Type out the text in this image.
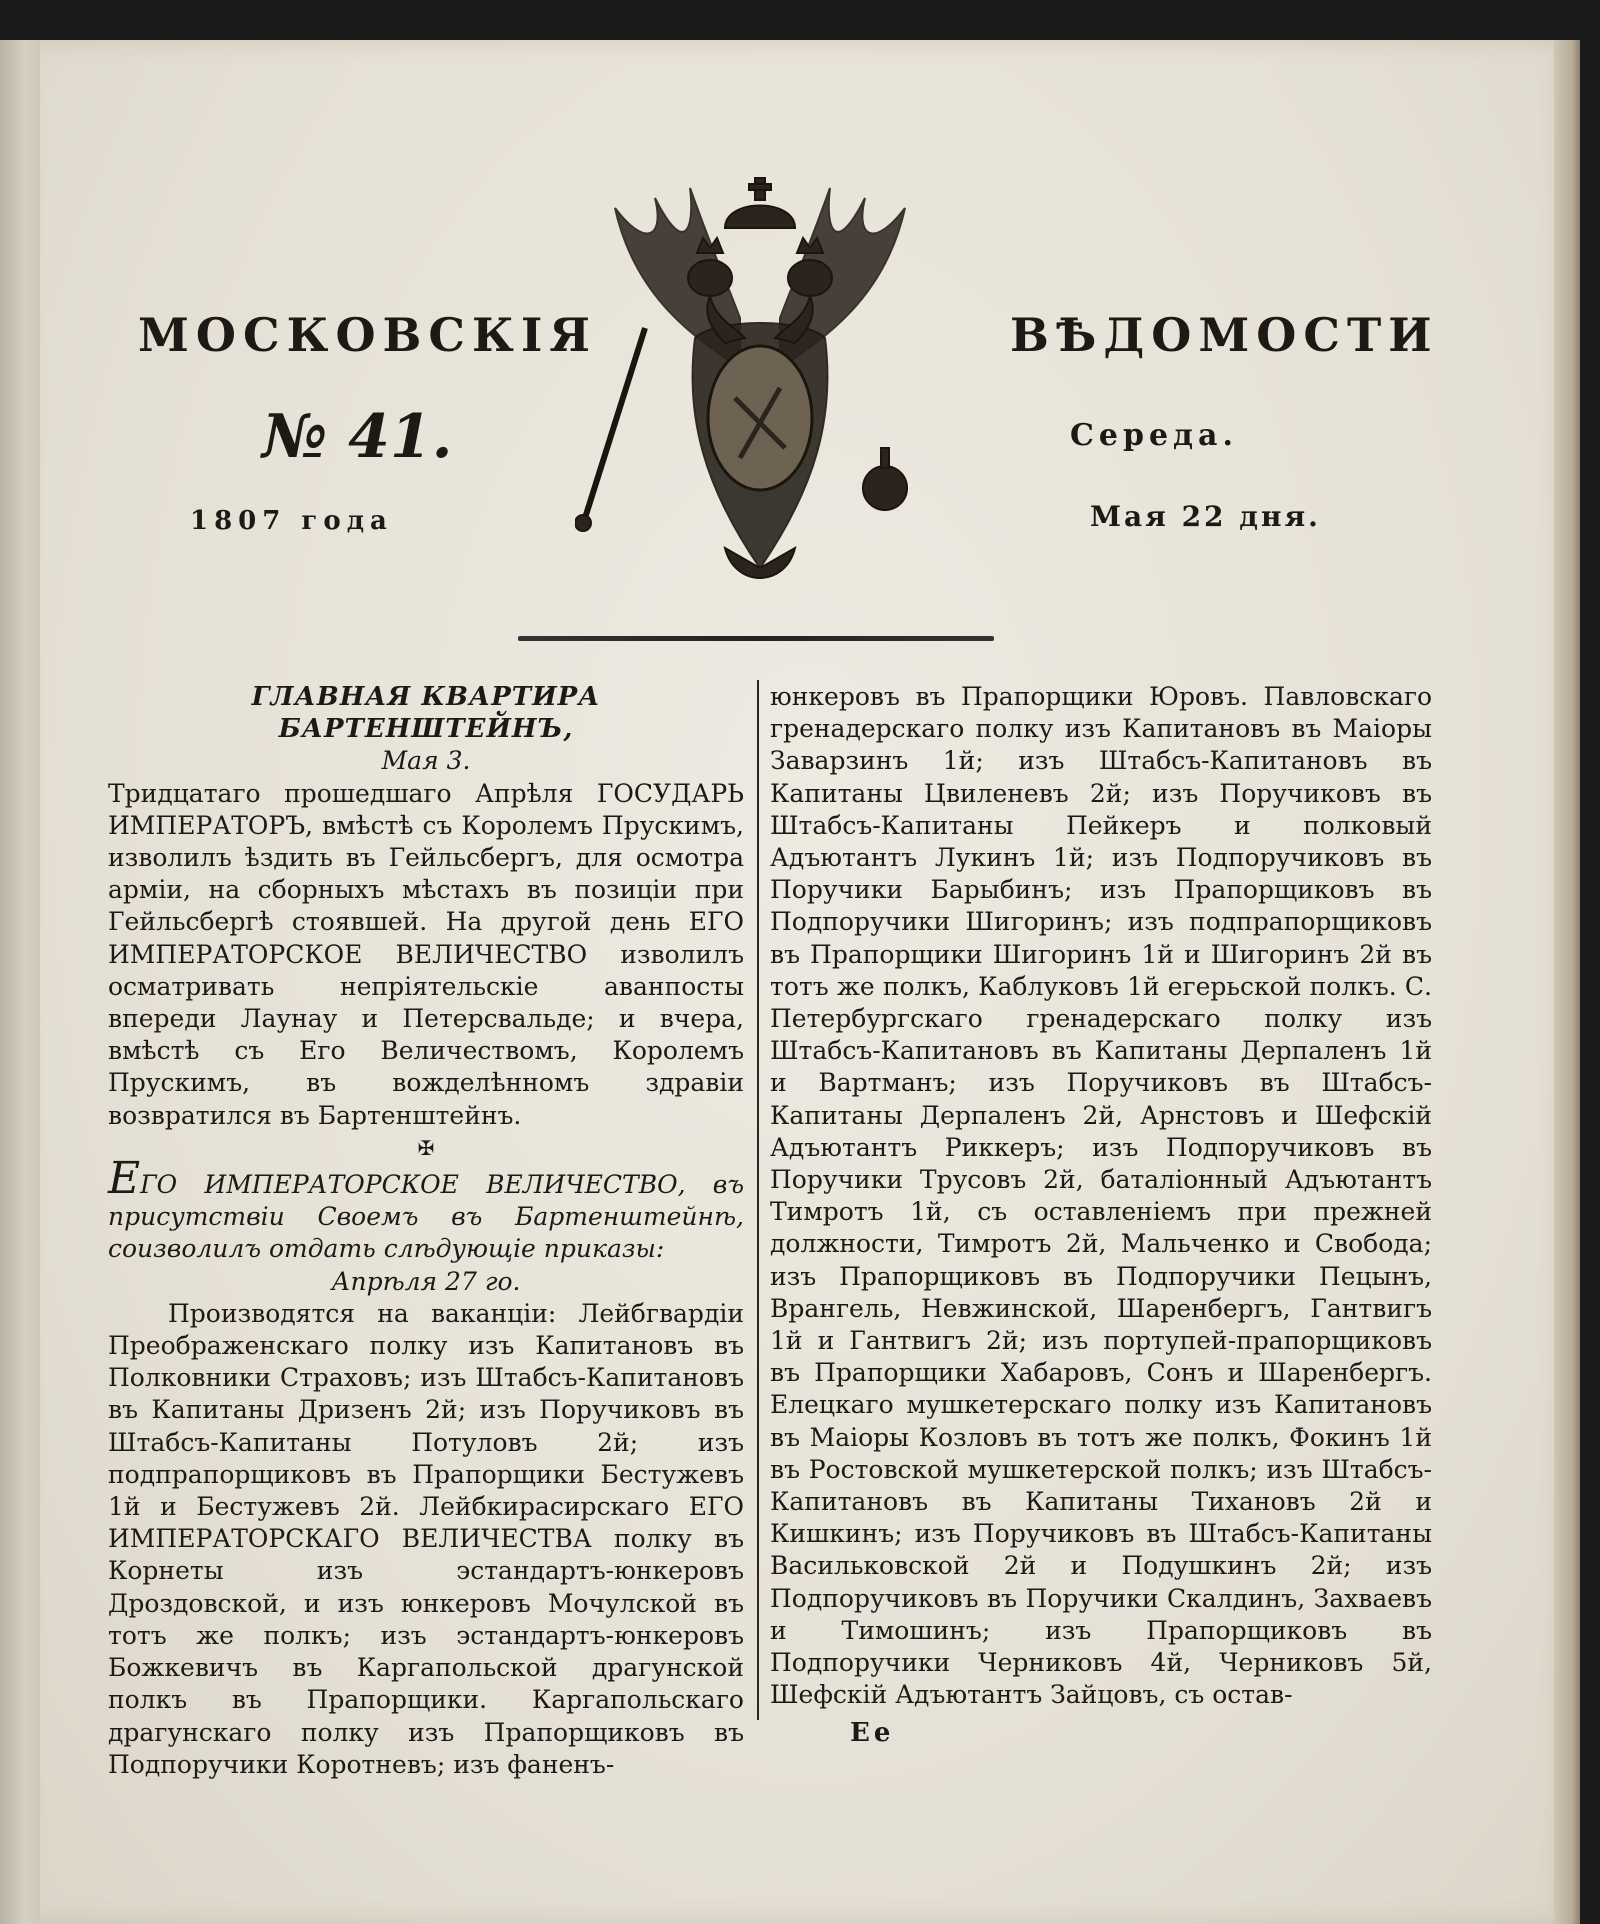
МОСКОВСКІЯ	ВѢДОМОСТИ
№ 41.	Середа.
1807 года	Мая 22 дня.

ГЛАВНАЯ КВАРТИРА БАРТЕНШТЕЙНЪ,

Мая 3.

Тридцатаго прошедшаго Апрѣля ГОСУДАРЬ ИМПЕРАТОРЪ, вмѣстѣ съ Королемъ Прускимъ, изволилъ ѣздить въ Гейльсбергъ, для осмотра арміи, на сборныхъ мѣстахъ въ позиціи при Гейльсбергѣ стоявшей. На другой день ЕГО ИМПЕРАТОРСКОЕ ВЕЛИЧЕСТВО изволилъ осматривать непріятельскіе аванпосты впереди Лаунау и Петерсвальде; и вчера, вмѣстѣ съ Его Величествомъ, Королемъ Прускимъ, въ вожделѣнномъ здравіи возвратился въ Бартенштейнъ.

✠

ЕГО ИМПЕРАТОРСКОЕ ВЕЛИЧЕСТВО, въ присутствіи Своемъ въ Бартенштейнѣ, соизволилъ отдать слѣдующіе приказы:

Апрѣля 27 го.

Производятся на ваканціи: Лейбгвардіи Преображенскаго полку изъ Капитановъ въ Полковники Страховъ; изъ Штабсъ-Капитановъ въ Капитаны Дризенъ 2й; изъ Поручиковъ въ Штабсъ-Капитаны Потуловъ 2й; изъ подпрапорщиковъ въ Прапорщики Бестужевъ 1й и Бестужевъ 2й. Лейбкирасирскаго ЕГО ИМПЕРАТОРСКАГО ВЕЛИЧЕСТВА полку въ Корнеты изъ эстандартъ-юнкеровъ Дроздовской, и изъ юнкеровъ Мочулской въ тотъ же полкъ; изъ эстандартъ-юнкеровъ Божкевичъ въ Каргапольской драгунской полкъ въ Прапорщики. Каргапольскаго драгунскаго полку изъ Прапорщиковъ въ Подпоручики Коротневъ; изъ фаненъ-

юнкеровъ въ Прапорщики Юровъ. Павловскаго гренадерскаго полку изъ Капитановъ въ Маіоры Заварзинъ 1й; изъ Штабсъ-Капитановъ въ Капитаны Цвиленевъ 2й; изъ Поручиковъ въ Штабсъ-Капитаны Пейкеръ и полковый Адъютантъ Лукинъ 1й; изъ Подпоручиковъ въ Поручики Барыбинъ; изъ Прапорщиковъ въ Подпоручики Шигоринъ; изъ подпрапорщиковъ въ Прапорщики Шигоринъ 1й и Шигоринъ 2й въ тотъ же полкъ, Каблуковъ 1й егерьской полкъ. С. Петербургскаго гренадерскаго полку изъ Штабсъ-Капитановъ въ Капитаны Дерпаленъ 1й и Вартманъ; изъ Поручиковъ въ Штабсъ-Капитаны Дерпаленъ 2й, Арнстовъ и Шефскій Адъютантъ Риккеръ; изъ Подпоручиковъ въ Поручики Трусовъ 2й, баталіонный Адъютантъ Тимротъ 1й, съ оставленіемъ при прежней должности, Тимротъ 2й, Мальченко и Свобода; изъ Прапорщиковъ въ Подпоручики Пецынъ, Врангель, Невжинской, Шаренбергъ, Гантвигъ 1й и Гантвигъ 2й; изъ портупей-прапорщиковъ въ Прапорщики Хабаровъ, Сонъ и Шаренбергъ. Елецкаго мушкетерскаго полку изъ Капитановъ въ Маіоры Козловъ въ тотъ же полкъ, Фокинъ 1й въ Ростовской мушкетерской полкъ; изъ Штабсъ-Капитановъ въ Капитаны Тихановъ 2й и Кишкинъ; изъ Поручиковъ въ Штабсъ-Капитаны Васильковской 2й и Подушкинъ 2й; изъ Подпоручиковъ въ Поручики Скалдинъ, Захваевъ и Тимошинъ; изъ Прапорщиковъ въ Подпоручики Черниковъ 4й, Черниковъ 5й, Шефскій Адъютантъ Зайцовъ, съ остав-

Ее
